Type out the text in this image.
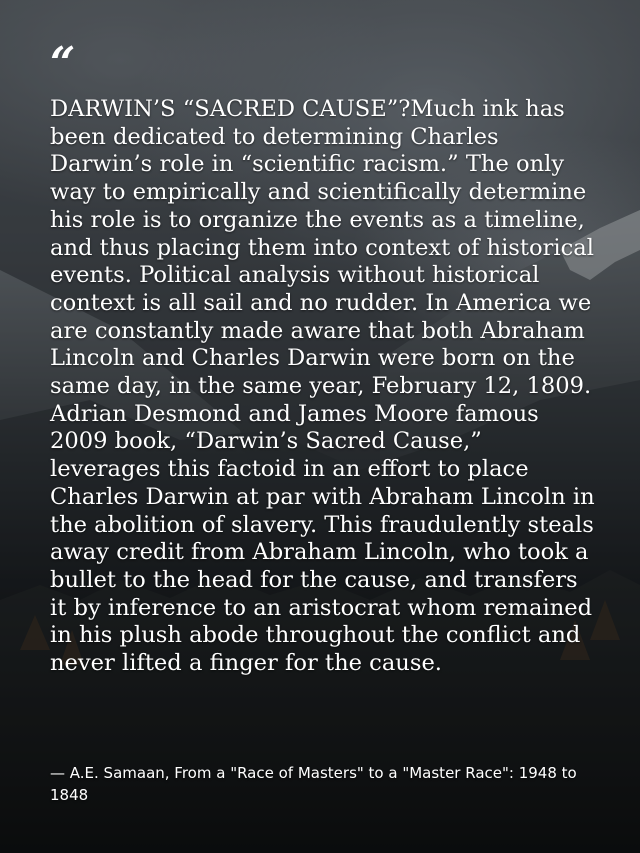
“

DARWIN’S “SACRED CAUSE”?Much ink has been dedicated to determining Charles Darwin’s role in “scientific racism.” The only way to empirically and scientifically determine his role is to organize the events as a timeline, and thus placing them into context of historical events. Political analysis without historical context is all sail and no rudder. In America we are constantly made aware that both Abraham Lincoln and Charles Darwin were born on the same day, in the same year, February 12, 1809. Adrian Desmond and James Moore famous 2009 book, “Darwin’s Sacred Cause,” leverages this factoid in an effort to place Charles Darwin at par with Abraham Lincoln in the abolition of slavery. This fraudulently steals away credit from Abraham Lincoln, who took a bullet to the head for the cause, and transfers it by inference to an aristocrat whom remained in his plush abode throughout the conflict and never lifted a finger for the cause.

— A.E. Samaan, From a "Race of Masters" to a "Master Race": 1948 to 1848
